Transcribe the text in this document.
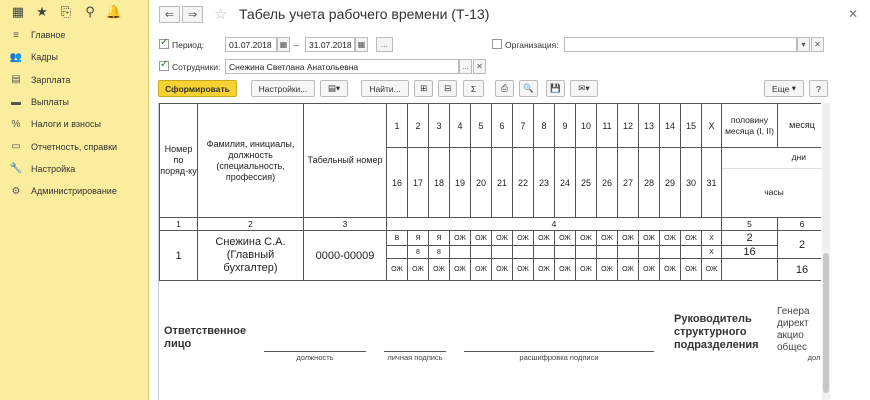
▦ ★ ⎘	⚲ 🔔
≡	Главное
👥 Кадры
▤ Зарплата
▬ Выплаты
% Налоги и взносы
▭ Отчетность, справки
🔧 Настройка
⚙ Администрирование
⇐ ⇒ ☆ Табель учета рабочего времени (Т-13)	✕
✓
Период:	01.07.2018	▦ –	31.07.2018 ▦	...	Организация:	▾	✕
✓
Сотрудники:	Снежина Светлана Анатольевна	... ✕
Сформировать	Настройки...	▤▾	Найти...	⊞ ⊟ Σ	⎙ 🔍 💾 ✉▾	Еще ▾	?
Номер по поряд-ку	Фамилия, инициалы, должность (специальность, профессия)	Табельный номер	1	2	3	4	5	6	7	8	9	10	11	12	13	14	15	X	половину месяца (I, II)	месяц
			16	17	18	19	20	21	22	23	24	25	26	27	28	29	30	31	дни
часы	

1	2	3	4																5	6
1	Снежина С.А. (Главный бухгалтер)	0000-00009	В	Я	Я	ОЖ	ОЖ	ОЖ	ОЖ	ОЖ	ОЖ	ОЖ	ОЖ	ОЖ	ОЖ	ОЖ	ОЖ	X	2	2
				8	8													X	16	
			ОЖ	ОЖ	ОЖ	ОЖ	ОЖ	ОЖ	ОЖ	ОЖ	ОЖ	ОЖ	ОЖ	ОЖ	ОЖ	ОЖ	ОЖ	ОЖ		16
Ответственное лицо
должность	личная подпись	расшифровка подписи
Руководитель структурного подразделения
Генера директ акцио общес
дол
